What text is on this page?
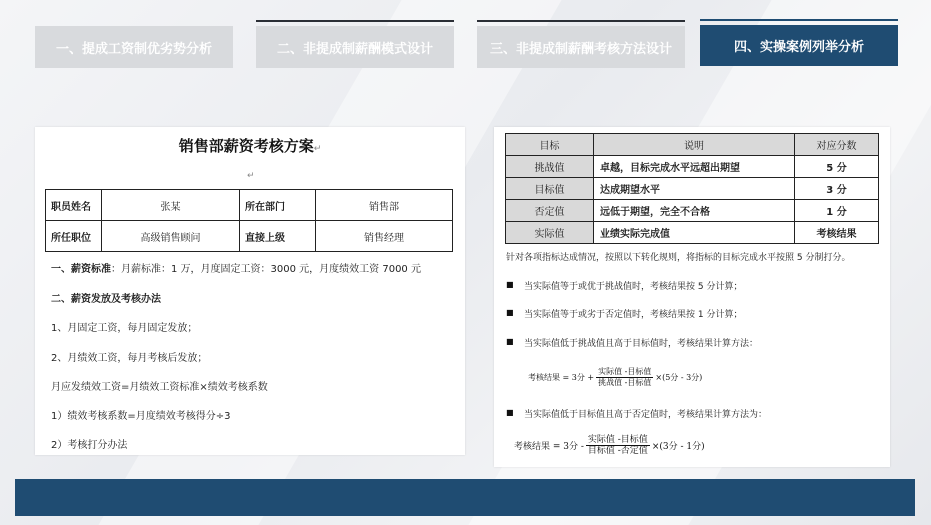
一、提成工资制优劣势分析	二、非提成制薪酬模式设计	三、非提成制薪酬考核方法设计	四、实操案例列举分析
销售部薪资考核方案↵
↵
职员姓名	张某	所在部门	销售部
所任职位	高级销售顾问	直接上级	销售经理
一、薪资标准：月薪标准：1 万，月度固定工资：3000 元，月度绩效工资 7000 元
二、薪资发放及考核办法
1、月固定工资，每月固定发放；
2、月绩效工资，每月考核后发放；
月应发绩效工资=月绩效工资标准×绩效考核系数
1）绩效考核系数=月度绩效考核得分÷3
2）考核打分办法
目标	说明	对应分数
挑战值	卓越，目标完成水平远超出期望	5 分
目标值	达成期望水平	3 分
否定值	远低于期望，完全不合格	1 分
实际值	业绩实际完成值	考核结果
针对各项指标达成情况，按照以下转化规则，将指标的目标完成水平按照 5 分制打分。
■ 当实际值等于或优于挑战值时，考核结果按 5 分计算；
■ 当实际值等于或劣于否定值时，考核结果按 1 分计算；
■ 当实际值低于挑战值且高于目标值时，考核结果计算方法：
考核结果 = 3分 + $\frac{\text{实际值 -目标值}}{\text{挑战值 -目标值}} \times(5$分 - 3分)
■ 当实际值低于目标值且高于否定值时，考核结果计算方法为：
考核结果 = 3分 - $\frac{\text{实际值 -目标值}}{\text{目标值 -否定值}} \times(3$分 - 1分)
